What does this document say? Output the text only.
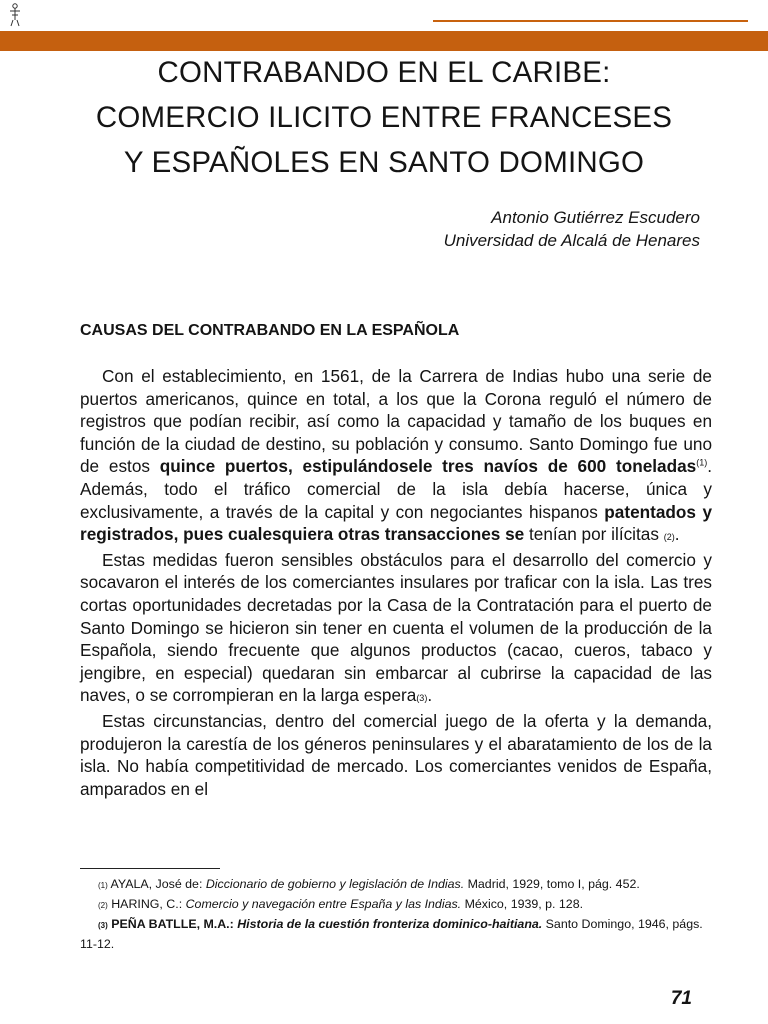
CONTRABANDO EN EL CARIBE:
COMERCIO ILICITO ENTRE FRANCESES
Y ESPAÑOLES EN SANTO DOMINGO
Antonio Gutiérrez Escudero
Universidad de Alcalá de Henares
CAUSAS DEL CONTRABANDO EN LA ESPAÑOLA

Con el establecimiento, en 1561, de la Carrera de Indias hubo una serie de puertos americanos, quince en total, a los que la Corona reguló el número de registros que podían recibir, así como la capacidad y tamaño de los buques en función de la ciudad de destino, su población y consumo. Santo Domingo fue uno de estos quince puertos, estipulándosele tres navíos de 600 toneladas$^{(1)}$. Además, todo el tráfico comercial de la isla debía hacerse, única y exclusivamente, a través de la capital y con negociantes hispanos patentados y registrados, pues cualesquiera otras transacciones se tenían por ilícitas (2).

Estas medidas fueron sensibles obstáculos para el desarrollo del comercio y socavaron el interés de los comerciantes insulares por traficar con la isla. Las tres cortas oportunidades decretadas por la Casa de la Contratación para el puerto de Santo Domingo se hicieron sin tener en cuenta el volumen de la producción de la Española, siendo frecuente que algunos productos (cacao, cueros, tabaco y jengibre, en especial) quedaran sin embarcar al cubrirse la capacidad de las naves, o se corrompieran en la larga espera(3).

Estas circunstancias, dentro del comercial juego de la oferta y la demanda, produjeron la carestía de los géneros peninsulares y el abaratamiento de los de la isla. No había competitividad de mercado. Los comerciantes venidos de España, amparados en el

(1) AYALA, José de: Diccionario de gobierno y legislación de Indias. Madrid, 1929, tomo I, pág. 452.

(2) HARING, C.: Comercio y navegación entre España y las Indias. México, 1939, p. 128.

(3) PEÑA BATLLE, M.A.: Historia de la cuestión fronteriza dominico-haitiana. Santo Domingo, 1946, págs. 11-12.

71
